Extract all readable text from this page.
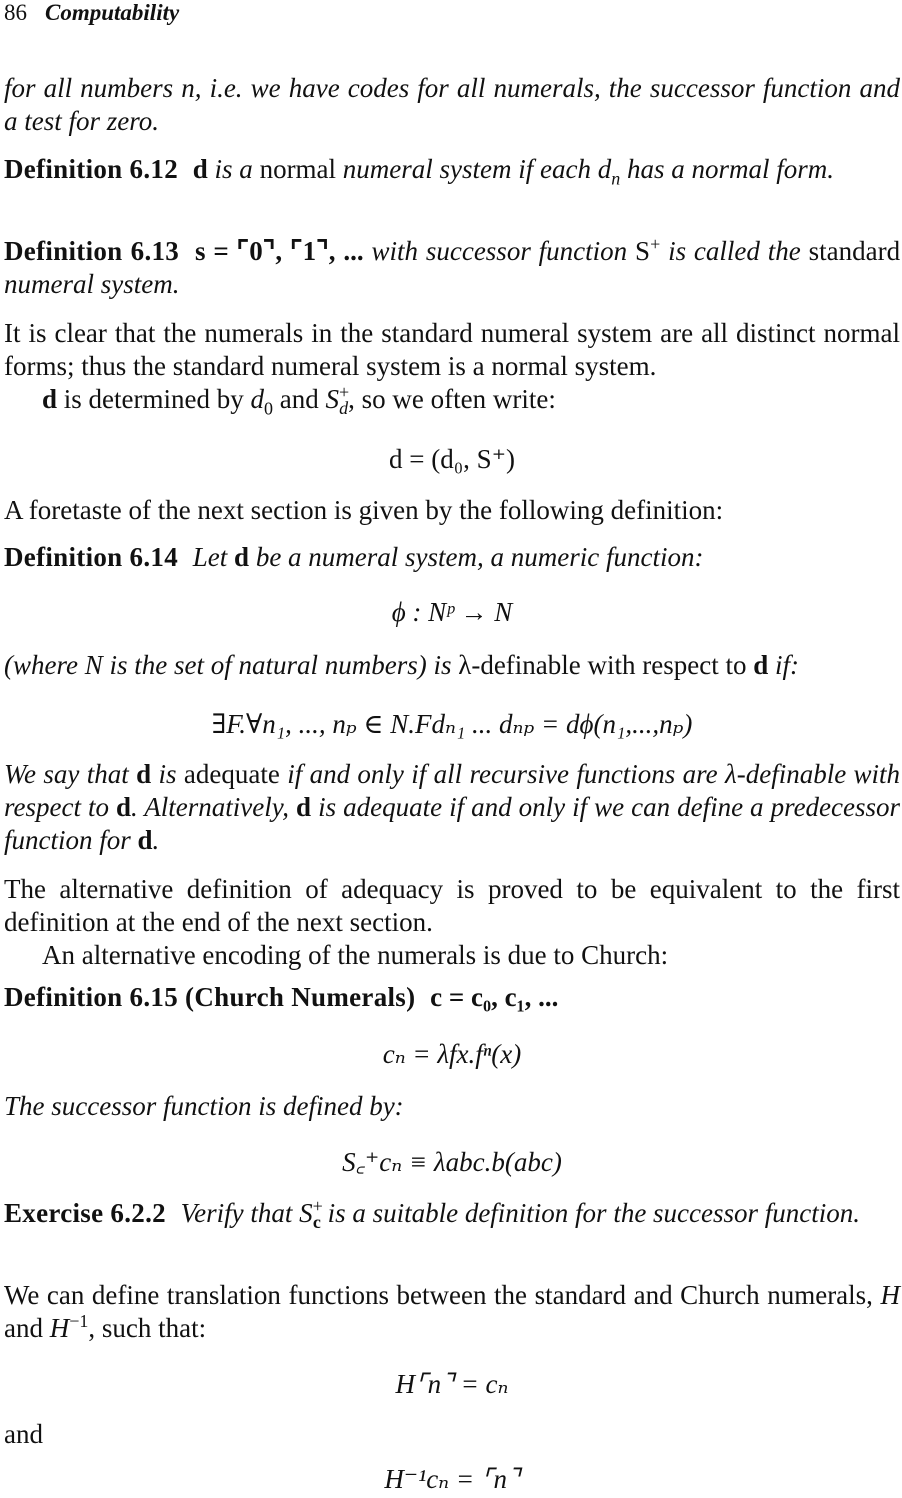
86 Computability
for all numbers n, i.e. we have codes for all numerals, the successor function and a test for zero.
Definition 6.12 d is a normal numeral system if each $d_n$ has a normal form.
Definition 6.13 s = ⌜0⌝, ⌜1⌝, ... with successor function S+ is called the standard numeral system.
It is clear that the numerals in the standard numeral system are all distinct normal forms; thus the standard numeral system is a normal system.
d is determined by $d_0$ and $S^+_d$, so we often write:
d = (d₀, S⁺)
A foretaste of the next section is given by the following definition:
Definition 6.14 Let d be a numeral system, a numeric function:
ϕ : Nᵖ → N
(where N is the set of natural numbers) is λ-definable with respect to d if:
∃F.∀n₁, ..., nₚ ∈ N.Fdₙ₁ ... dₙₚ = dϕ(n₁,...,nₚ)
We say that d is adequate if and only if all recursive functions are λ-definable with respect to d. Alternatively, d is adequate if and only if we can define a predecessor function for d.
The alternative definition of adequacy is proved to be equivalent to the first definition at the end of the next section.
An alternative encoding of the numerals is due to Church:
Definition 6.15 (Church Numerals) c = c₀, c₁, ...
cₙ = λfx.fⁿ(x)
The successor function is defined by:
S꜀⁺cₙ ≡ λabc.b(abc)
Exercise 6.2.2 Verify that $S^+_c$ is a suitable definition for the successor function.
We can define translation functions between the standard and Church numerals, H and $H^{-1}$, such that:
H⌜n⌝ = cₙ
and
H⁻¹cₙ = ⌜n⌝
